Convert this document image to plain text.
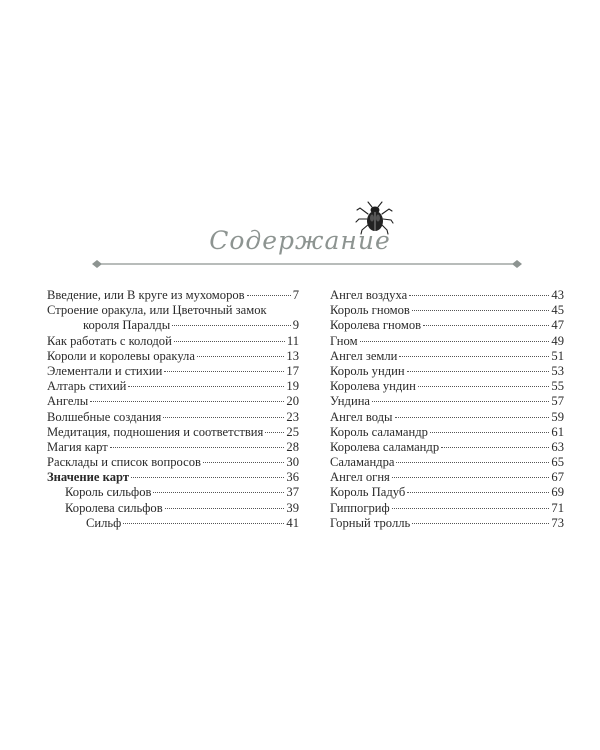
Содержание
Введение, или В круге из мухоморов	7
Строение оракула, или Цветочный замок
короля Паралды	9
Как работать с колодой	11
Короли и королевы оракула	13
Элементали и стихии	17
Алтарь стихий	19
Ангелы	20
Волшебные создания	23
Медитация, подношения и соответствия 25
Магия карт	28
Расклады и список вопросов	30
Значение карт	36
Король сильфов	37
Королева сильфов	39
Сильф	41
Ангел воздуха	43
Король гномов	45
Королева гномов	47
Гном	49
Ангел земли	51
Король ундин	53
Королева ундин	55
Ундина	57
Ангел воды	59
Король саламандр	61
Королева саламандр	63
Саламандра	65
Ангел огня	67
Король Падуб	69
Гиппогриф	71
Горный тролль	73
